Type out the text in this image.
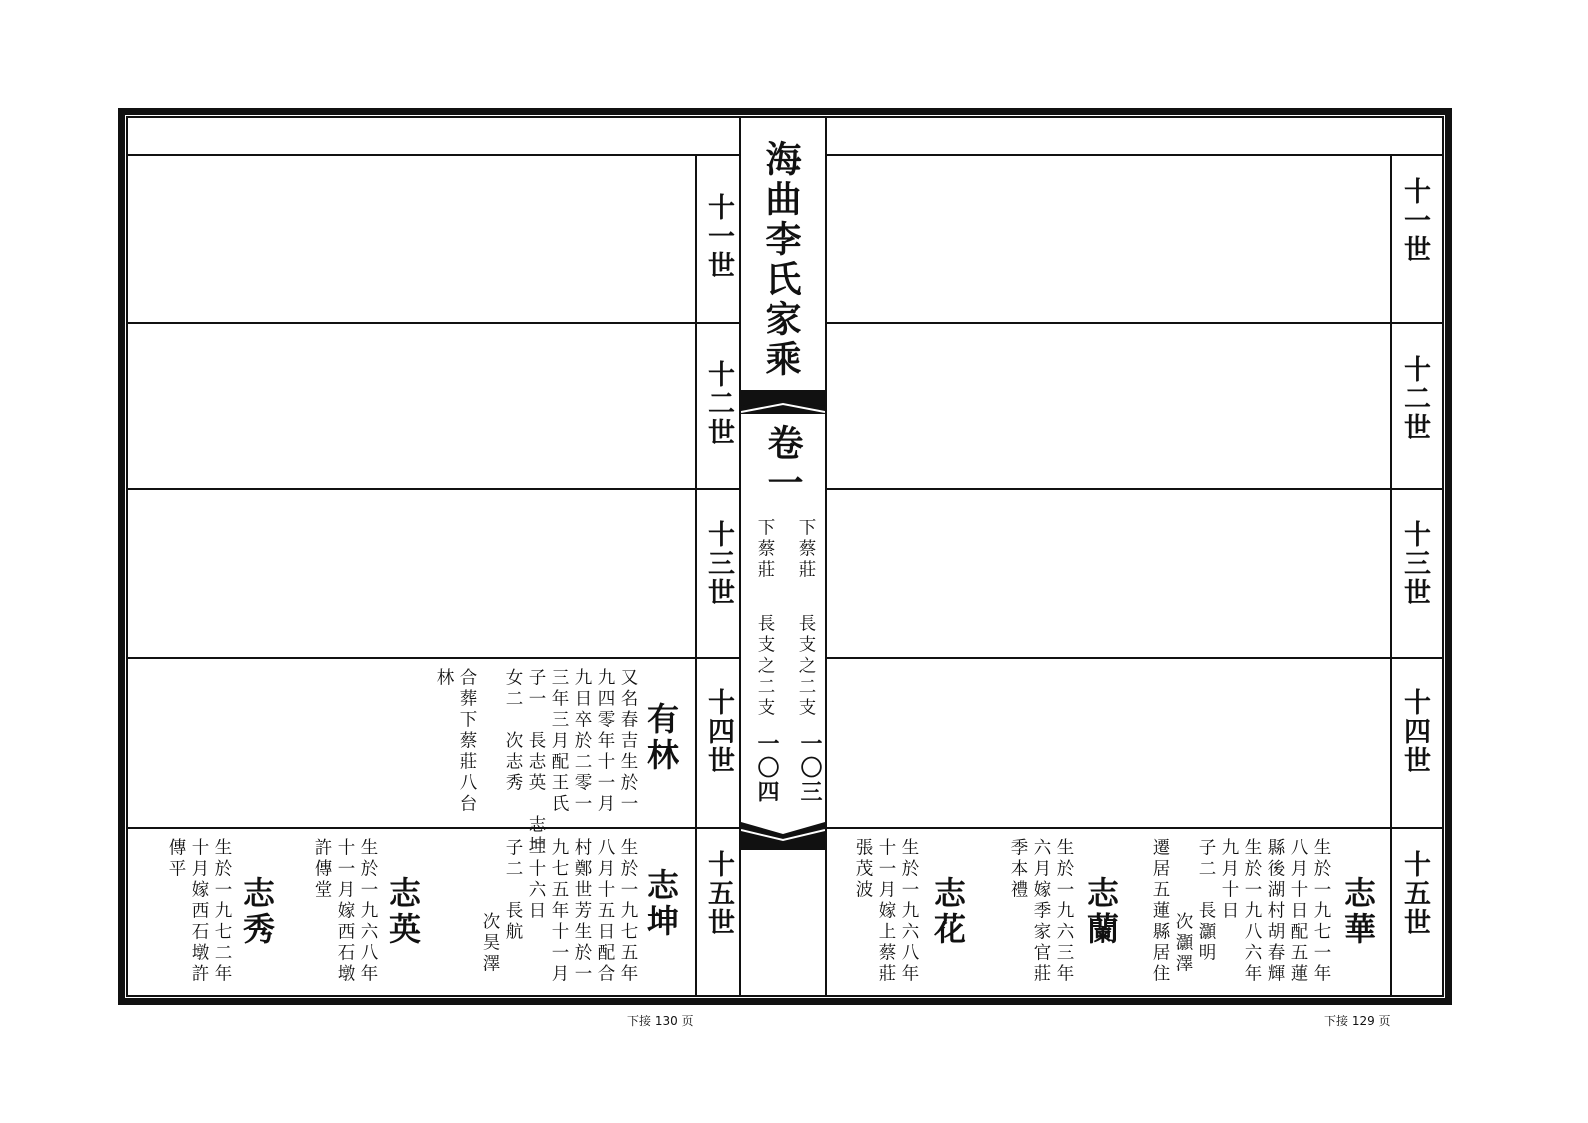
海曲李氏家乘
卷一
下蔡莊
長支之二支
一〇三
下蔡莊
長支之二支
一〇四
十一世
十二世
十三世
十四世
十五世
十一世
十二世
十三世
十四世
十五世
有林
又名春吉生於一
九四零年十一月
三年三月配王氏 九日卒於二零一
子一　長志英　志坤
女二　次志秀
合葬下蔡莊八台
林
志坤
生於一九七五年
八月十五日配合
村鄭世芳生於一
九七五年十一月
二十六日
子二　長航
次昊澤
志英
生於一九六八年
十一月嫁西石墩
許傳堂
志秀
生於一九七二年
十月嫁西石墩許
傳平
志華
生於一九七一年
八月十日配五蓮
縣後湖村胡春輝
生於一九八六年
九月十日
子二　長灝明
次灝澤
遷居五蓮縣居住
志蘭
生於一九六三年
六月嫁季家官莊
季本禮
志花
生於一九六八年
十一月嫁上蔡莊
張茂波
下接 130 页	下接 129 页
